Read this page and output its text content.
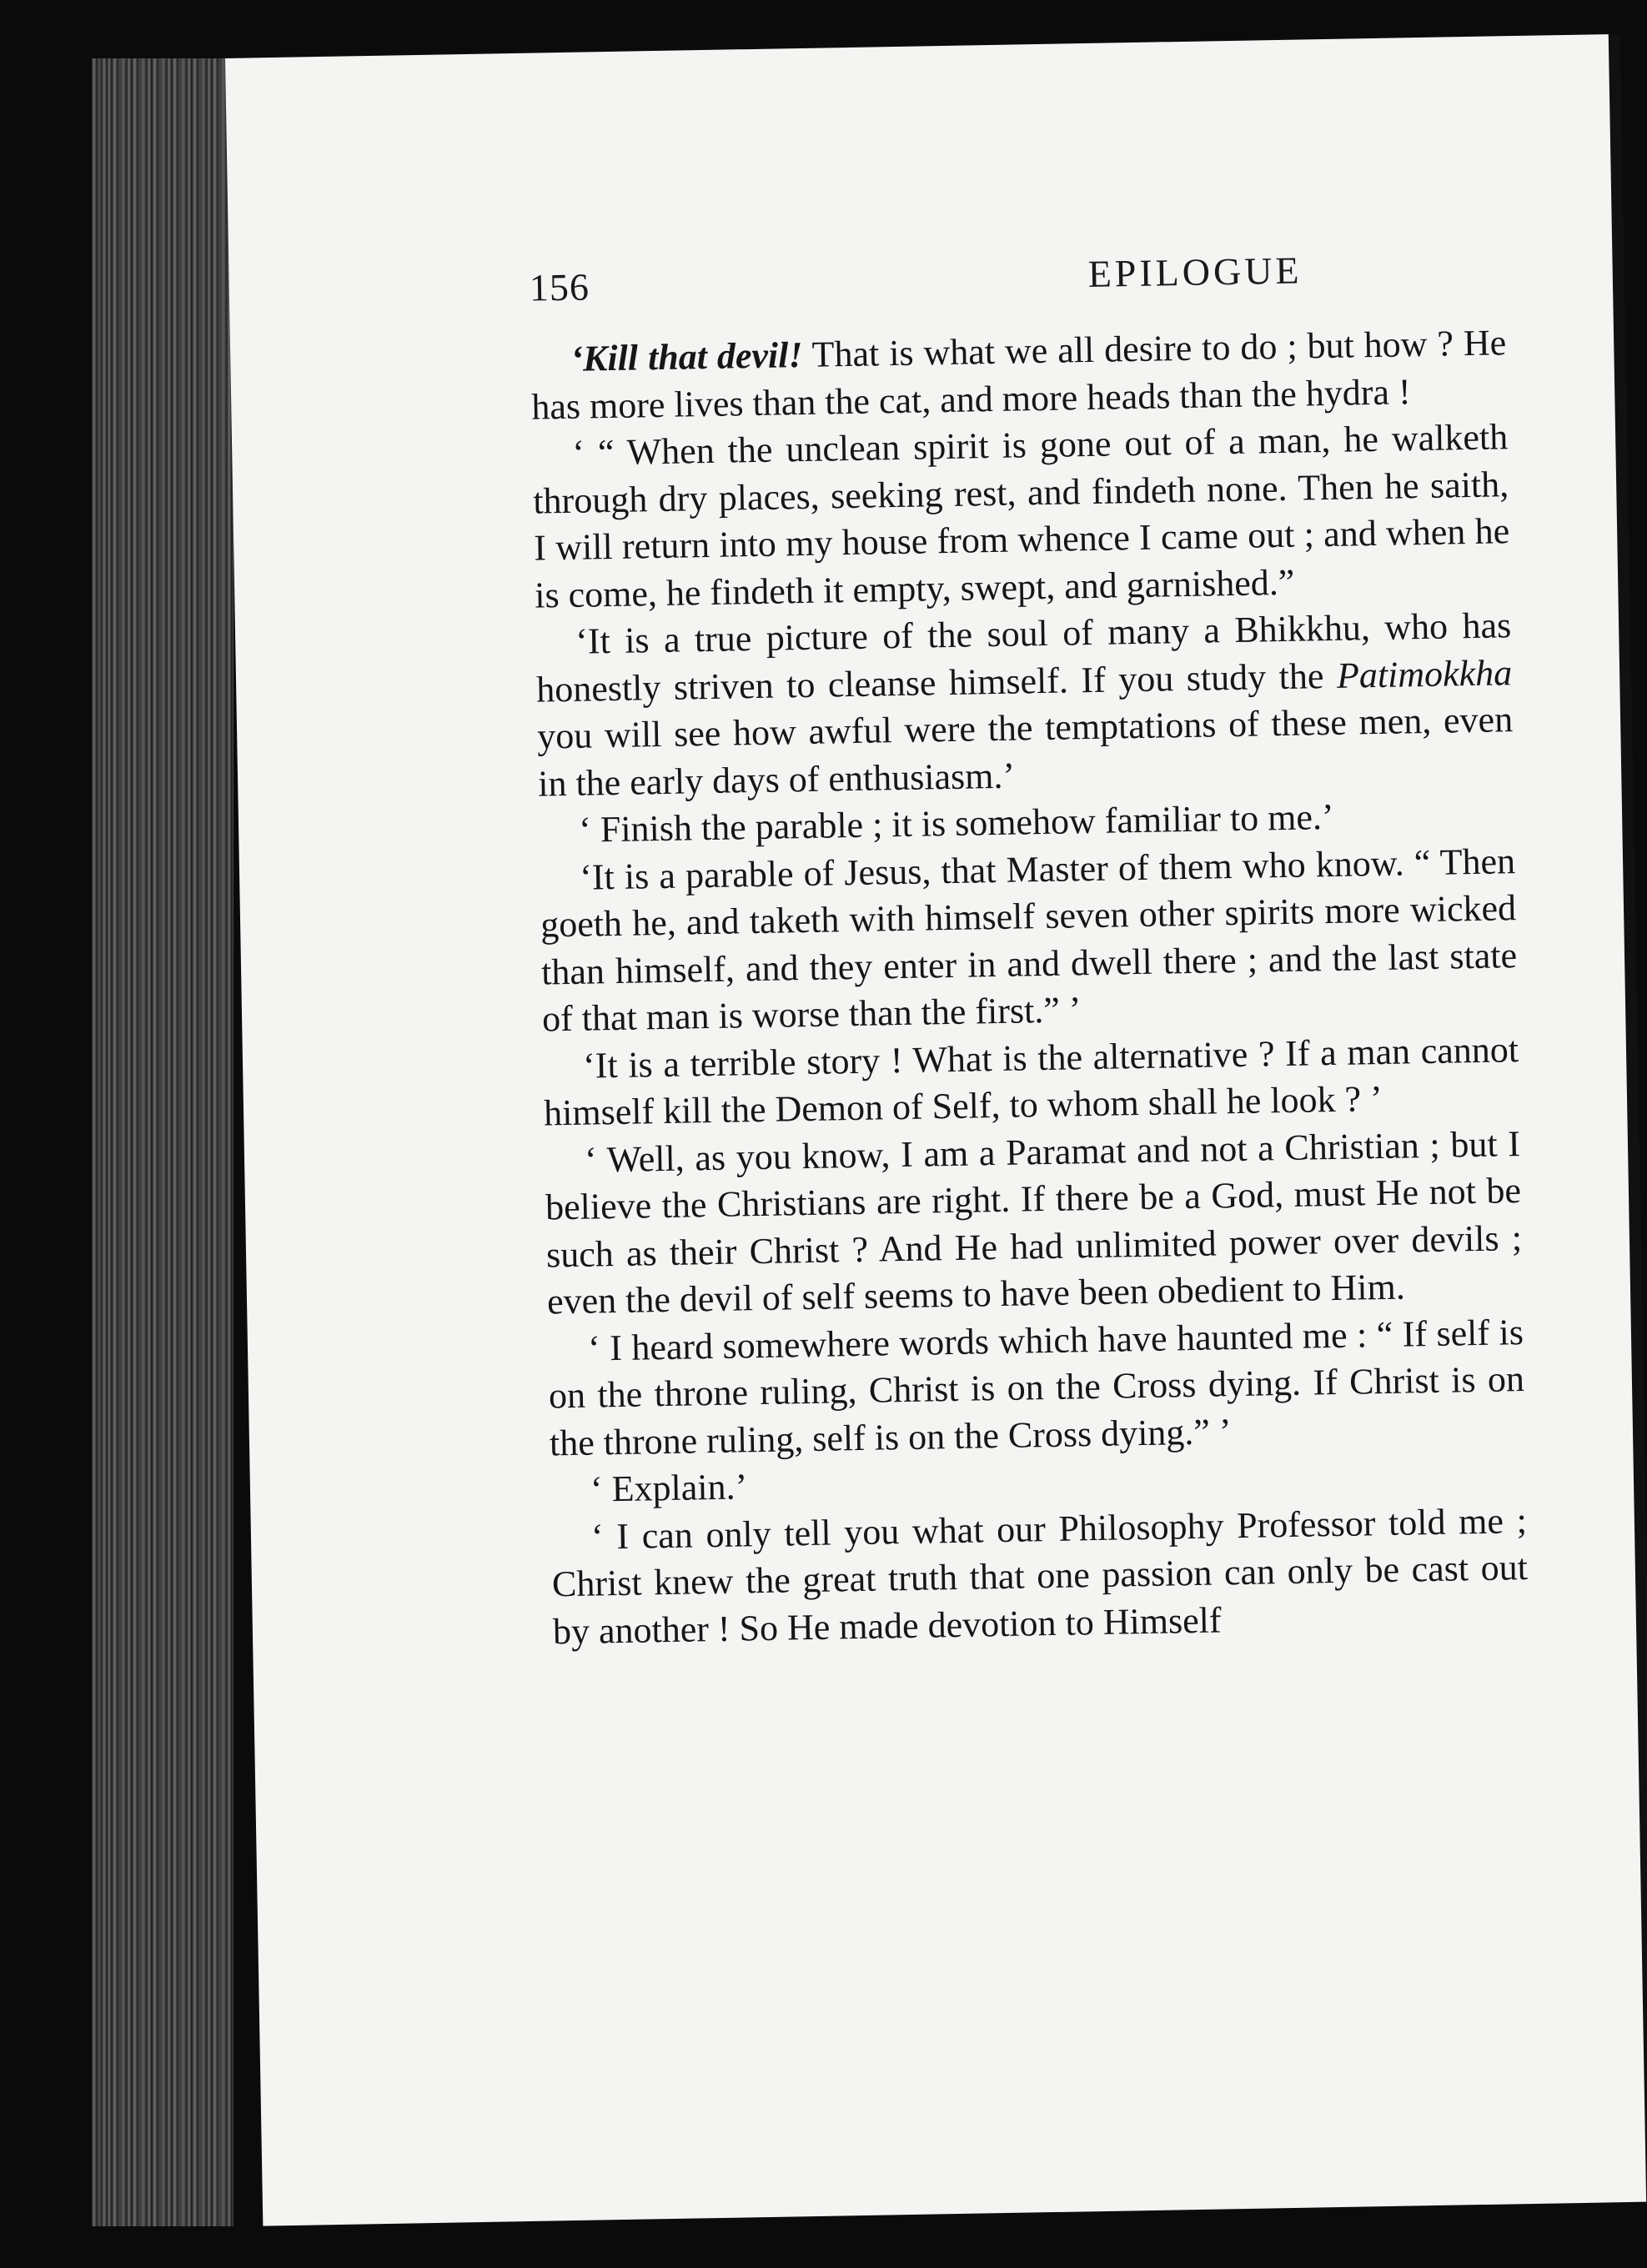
156	EPILOGUE

‘Kill that devil! That is what we all desire to do ; but how ? He has more lives than the cat, and more heads than the hydra !

‘ “ When the unclean spirit is gone out of a man, he walketh through dry places, seeking rest, and findeth none. Then he saith, I will return into my house from whence I came out ; and when he is come, he findeth it empty, swept, and garnished.”

‘It is a true picture of the soul of many a Bhikkhu, who has honestly striven to cleanse himself. If you study the Patimokkha you will see how awful were the temptations of these men, even in the early days of enthusiasm.’

‘ Finish the parable ; it is somehow familiar to me.’

‘It is a parable of Jesus, that Master of them who know. “ Then goeth he, and taketh with himself seven other spirits more wicked than himself, and they enter in and dwell there ; and the last state of that man is worse than the first.” ’

‘It is a terrible story ! What is the alternative ? If a man cannot himself kill the Demon of Self, to whom shall he look ? ’

‘ Well, as you know, I am a Paramat and not a Christian ; but I believe the Christians are right. If there be a God, must He not be such as their Christ ? And He had unlimited power over devils ; even the devil of self seems to have been obedient to Him.

‘ I heard somewhere words which have haunted me : “ If self is on the throne ruling, Christ is on the Cross dying. If Christ is on the throne ruling, self is on the Cross dying.” ’

‘ Explain.’

‘ I can only tell you what our Philosophy Professor told me ; Christ knew the great truth that one passion can only be cast out by another ! So He made devotion to Himself
